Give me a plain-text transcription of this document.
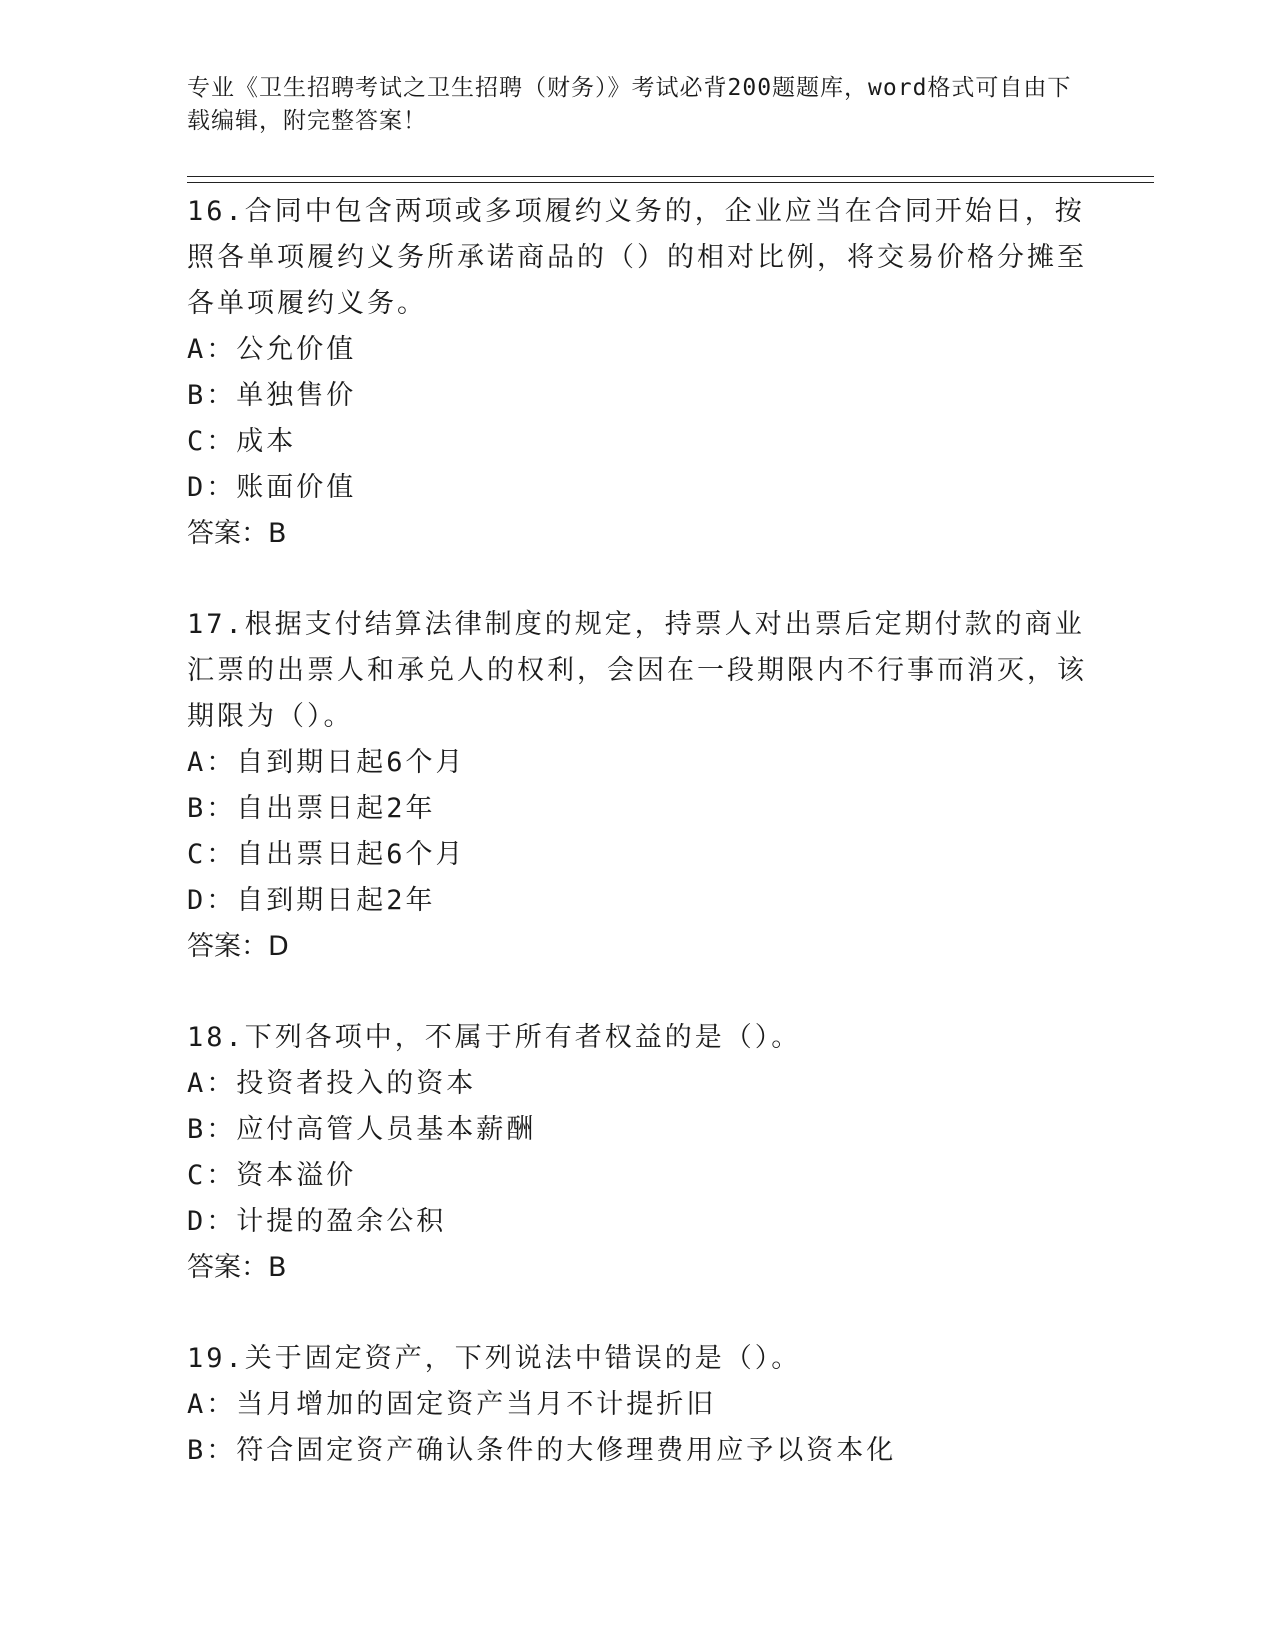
专业《卫生招聘考试之卫生招聘（财务）》考试必背200题题库，word格式可自由下载编辑，附完整答案！

16.合同中包含两项或多项履约义务的，企业应当在合同开始日，按照各单项履约义务所承诺商品的（）的相对比例，将交易价格分摊至各单项履约义务。

A：公允价值

B：单独售价

C：成本

D：账面价值

答案：B

17.根据支付结算法律制度的规定，持票人对出票后定期付款的商业汇票的出票人和承兑人的权利，会因在一段期限内不行事而消灭，该期限为（）。

A：自到期日起6个月

B：自出票日起2年

C：自出票日起6个月

D：自到期日起2年

答案：D

18.下列各项中，不属于所有者权益的是（）。

A：投资者投入的资本

B：应付高管人员基本薪酬

C：资本溢价

D：计提的盈余公积

答案：B

19.关于固定资产，下列说法中错误的是（）。

A：当月增加的固定资产当月不计提折旧

B：符合固定资产确认条件的大修理费用应予以资本化
